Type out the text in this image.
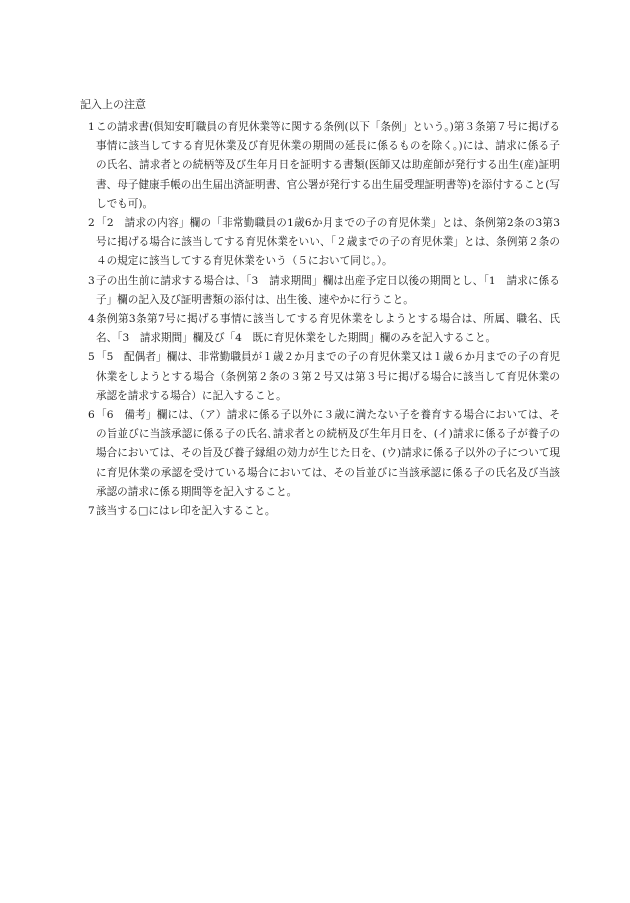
記入上の注意
1 この請求書(倶知安町職員の育児休業等に関する条例(以下「条例」という。)第３条第７号に掲げる事情に該当してする育児休業及び育児休業の期間の延長に係るものを除く。)には、請求に係る子の氏名、請求者との続柄等及び生年月日を証明する書類(医師又は助産師が発行する出生(産)証明書、母子健康手帳の出生届出済証明書、官公署が発行する出生届受理証明書等)を添付すること(写しでも可)。
2 「2　請求の内容」欄の「非常勤職員の1歳6か月までの子の育児休業」とは、条例第2条の3第3号に掲げる場合に該当してする育児休業をいい、「２歳までの子の育児休業」とは、条例第２条の４の規定に該当してする育児休業をいう（５において同じ。）。
3 子の出生前に請求する場合は、「3　請求期間」欄は出産予定日以後の期間とし、「1　請求に係る子」欄の記入及び証明書類の添付は、出生後、速やかに行うこと。
4 条例第3条第7号に掲げる事情に該当してする育児休業をしようとする場合は、所属、職名、氏名、「3　請求期間」欄及び「4　既に育児休業をした期間」欄のみを記入すること。
5 「5　配偶者」欄は、非常勤職員が１歳２か月までの子の育児休業又は１歳６か月までの子の育児休業をしようとする場合（条例第２条の３第２号又は第３号に掲げる場合に該当して育児休業の承認を請求する場合）に記入すること。
6 「6　備考」欄には、（ア）請求に係る子以外に３歳に満たない子を養育する場合においては、その旨並びに当該承認に係る子の氏名､請求者との続柄及び生年月日を、(イ)請求に係る子が養子の場合においては、その旨及び養子縁組の効力が生じた日を、(ウ)請求に係る子以外の子について現に育児休業の承認を受けている場合においては、その旨並びに当該承認に係る子の氏名及び当該承認の請求に係る期間等を記入すること。
7 該当する□にはレ印を記入すること。
